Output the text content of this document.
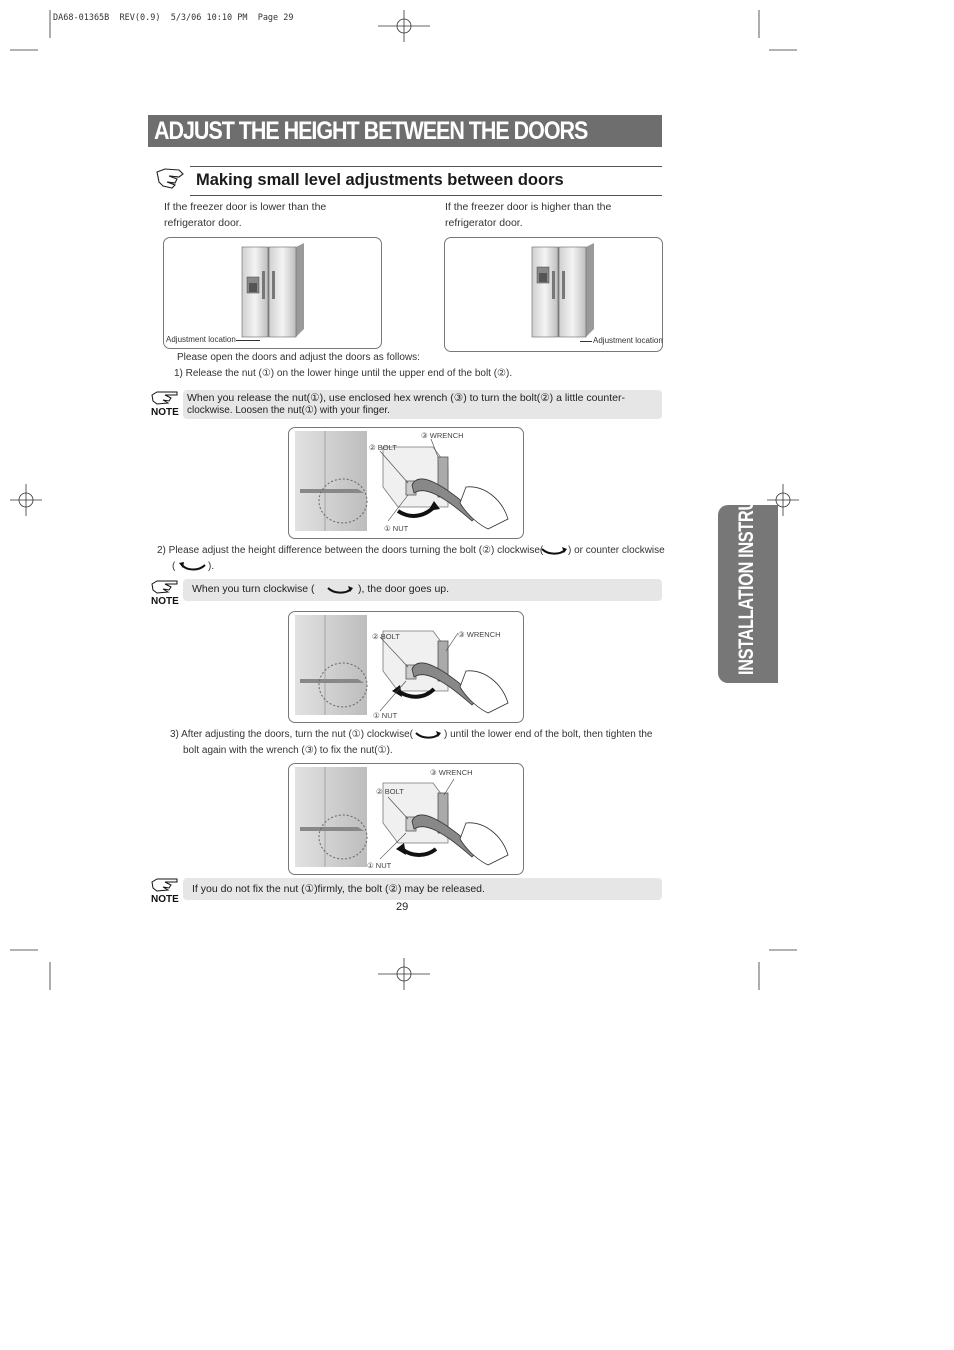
DA68-01365B  REV(0.9)  5/3/06 10:10 PM  Page 29
ADJUST THE HEIGHT BETWEEN THE DOORS
Making small level adjustments between doors
INSTALLATION INSTRUCTIONS
If the freezer door is lower than the
refrigerator door.
If the freezer door is higher than the
refrigerator door.
Adjustment location	Adjustment location
Please open the doors and adjust the doors as follows:
1) Release the nut (①) on the lower hinge until the upper end of the bolt (②).
NOTE
When you release the nut(①), use enclosed hex wrench (③) to turn the bolt(②) a little counter-
clockwise. Loosen the nut(①) with your finger.
③ WRENCH
② BOLT
① NUT
2) Please adjust the height difference between the doors turning the bolt (②) clockwise( ) or counter clockwise
(	).
NOTE
When you turn clockwise (	), the door goes up.
② BOLT	③ WRENCH
① NUT
3) After adjusting the doors, turn the nut (①) clockwise(	) until the lower end of the bolt, then tighten the
bolt again with the wrench (③) to fix the nut(①).
③ WRENCH
② BOLT
① NUT
NOTE
If you do not fix the nut (①)firmly, the bolt (②) may be released.
29
